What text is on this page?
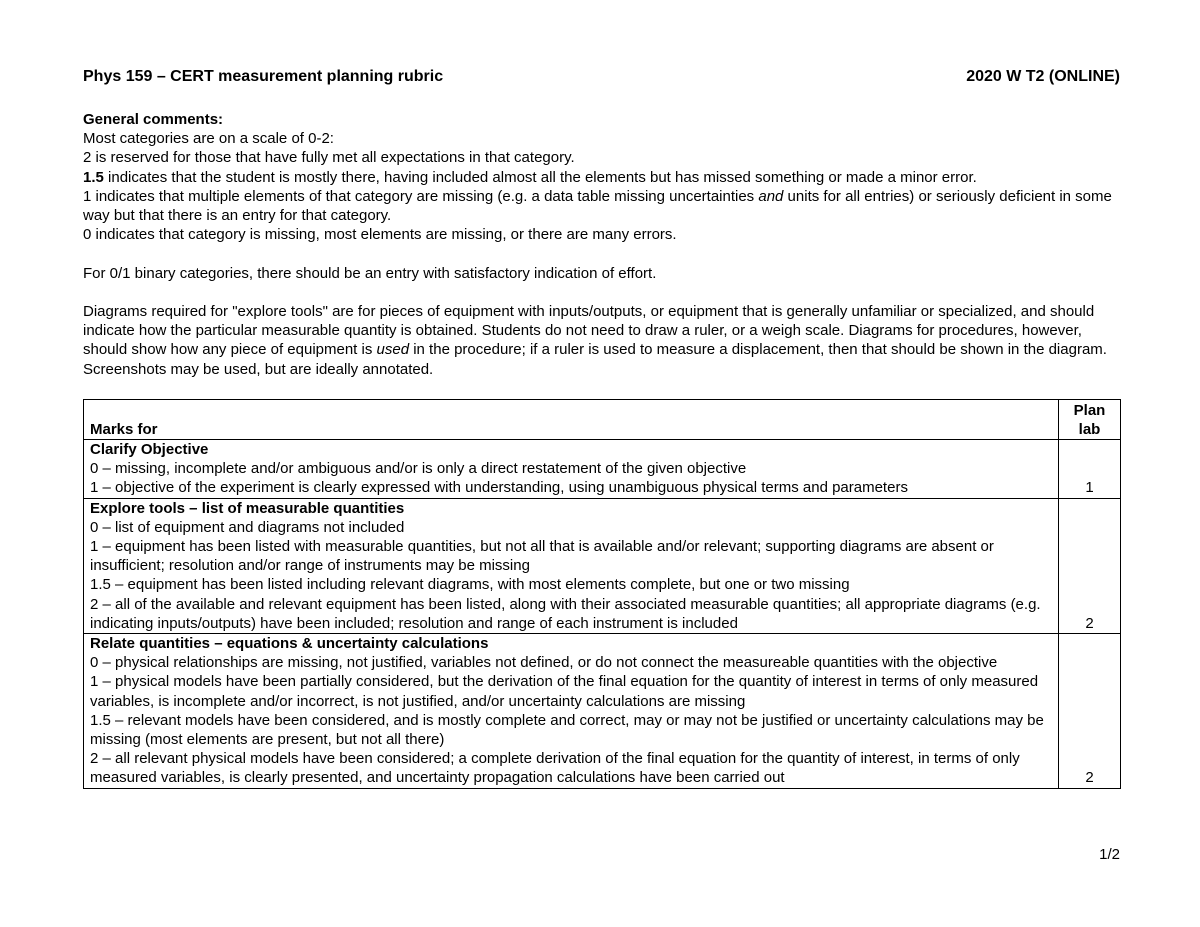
Phys 159 – CERT measurement planning rubric	2020 W T2 (ONLINE)

General comments:

Most categories are on a scale of 0-2:

2 is reserved for those that have fully met all expectations in that category.

1.5 indicates that the student is mostly there, having included almost all the elements but has missed something or made a minor error.

1 indicates that multiple elements of that category are missing (e.g. a data table missing uncertainties and units for all entries) or seriously deficient in some way but that there is an entry for that category.

0 indicates that category is missing, most elements are missing, or there are many errors.

For 0/1 binary categories, there should be an entry with satisfactory indication of effort.

Diagrams required for "explore tools" are for pieces of equipment with inputs/outputs, or equipment that is generally unfamiliar or specialized, and should indicate how the particular measurable quantity is obtained. Students do not need to draw a ruler, or a weigh scale. Diagrams for procedures, however, should show how any piece of equipment is used in the procedure; if a ruler is used to measure a displacement, then that should be shown in the diagram. Screenshots may be used, but are ideally annotated.

Marks for	Plan lab

Clarify Objective
0 – missing, incomplete and/or ambiguous and/or is only a direct restatement of the given objective
1 – objective of the experiment is clearly expressed with understanding, using unambiguous physical terms and parameters	1

Explore tools – list of measurable quantities
0 – list of equipment and diagrams not included
1 – equipment has been listed with measurable quantities, but not all that is available and/or relevant; supporting diagrams are absent or insufficient; resolution and/or range of instruments may be missing
1.5 – equipment has been listed including relevant diagrams, with most elements complete, but one or two missing
2 – all of the available and relevant equipment has been listed, along with their associated measurable quantities; all appropriate diagrams (e.g. indicating inputs/outputs) have been included; resolution and range of each instrument is included	2

Relate quantities – equations & uncertainty calculations
0 – physical relationships are missing, not justified, variables not defined, or do not connect the measureable quantities with the objective
1 – physical models have been partially considered, but the derivation of the final equation for the quantity of interest in terms of only measured variables, is incomplete and/or incorrect, is not justified, and/or uncertainty calculations are missing
1.5 – relevant models have been considered, and is mostly complete and correct, may or may not be justified or uncertainty calculations may be missing (most elements are present, but not all there)
2 – all relevant physical models have been considered; a complete derivation of the final equation for the quantity of interest, in terms of only measured variables, is clearly presented, and uncertainty propagation calculations have been carried out	2
1/2
